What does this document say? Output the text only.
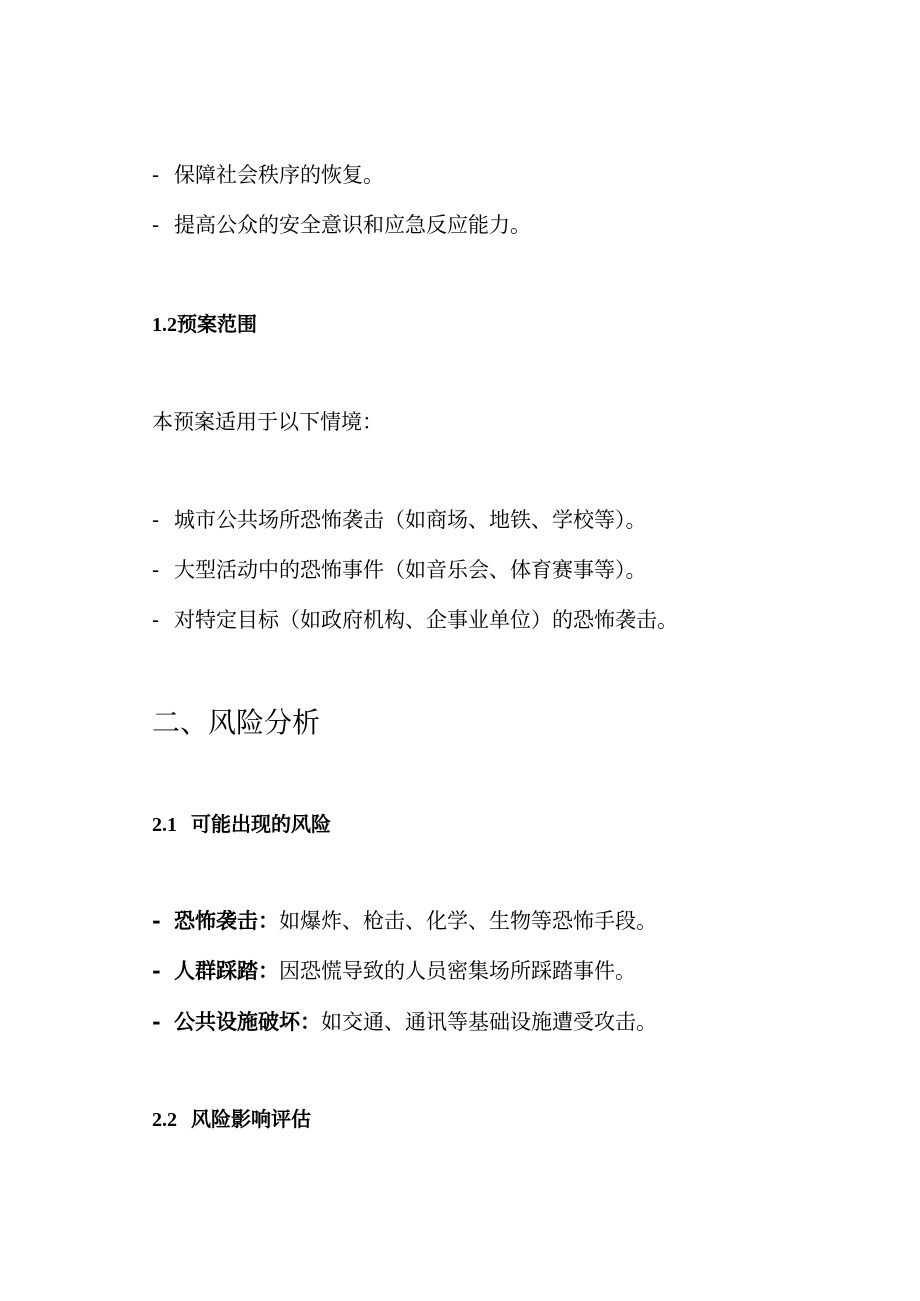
- 保障社会秩序的恢复。
- 提高公众的安全意识和应急反应能力。
1.2预案范围
本预案适用于以下情境：
- 城市公共场所恐怖袭击（如商场、地铁、学校等）。
- 大型活动中的恐怖事件（如音乐会、体育赛事等）。
- 对特定目标（如政府机构、企事业单位）的恐怖袭击。
二、风险分析
2.1 可能出现的风险
- 恐怖袭击：如爆炸、枪击、化学、生物等恐怖手段。
- 人群踩踏：因恐慌导致的人员密集场所踩踏事件。
- 公共设施破坏：如交通、通讯等基础设施遭受攻击。
2.2 风险影响评估
